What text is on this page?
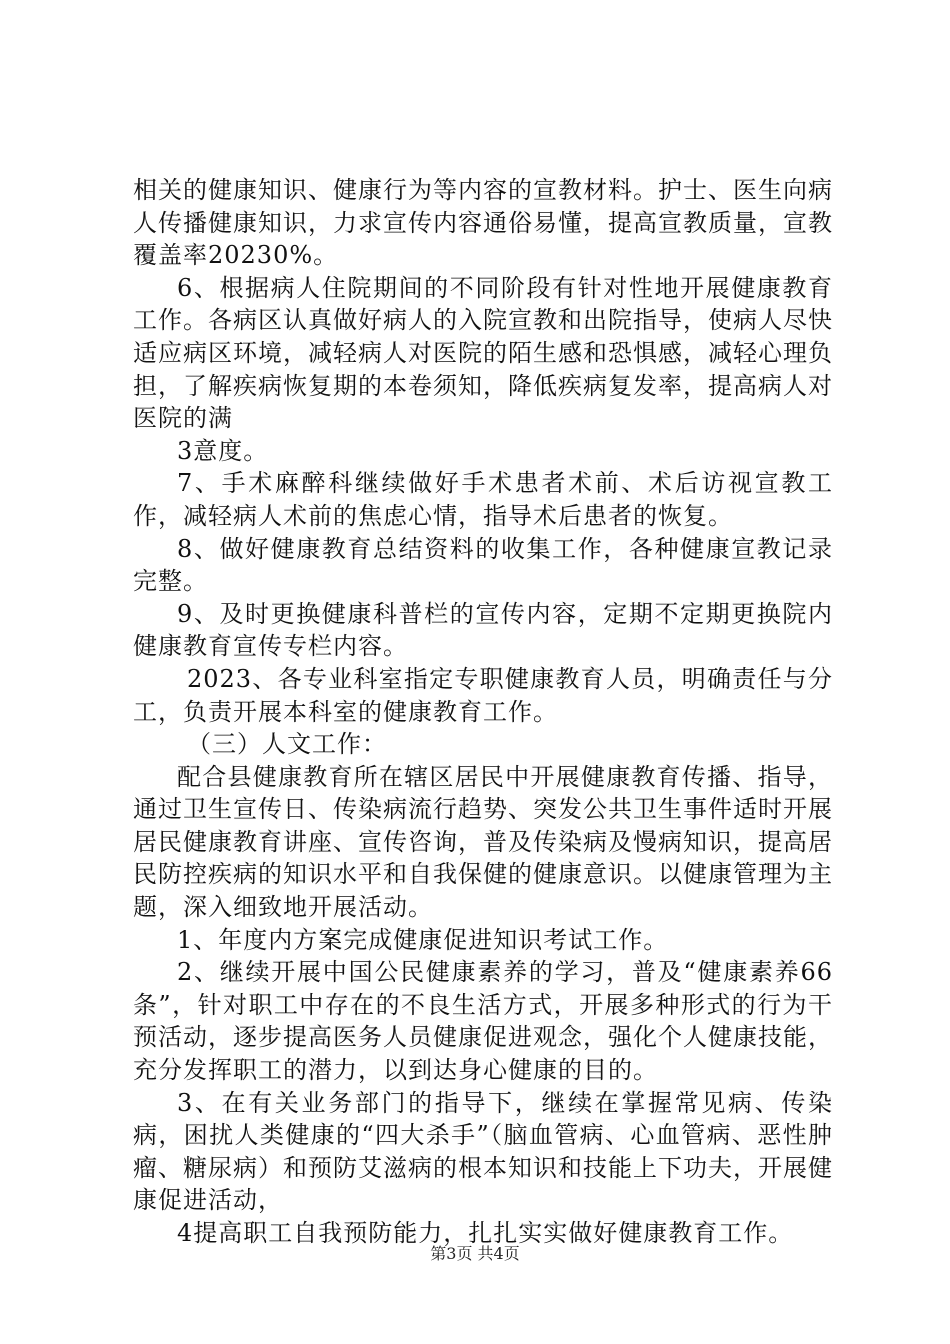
相关的健康知识、健康行为等内容的宣教材料。护士、医生向病人传播健康知识，力求宣传内容通俗易懂，提高宣教质量，宣教覆盖率20230%。

6、根据病人住院期间的不同阶段有针对性地开展健康教育工作。各病区认真做好病人的入院宣教和出院指导，使病人尽快适应病区环境，减轻病人对医院的陌生感和恐惧感，减轻心理负担，了解疾病恢复期的本卷须知，降低疾病复发率，提高病人对医院的满

3意度。

7、手术麻醉科继续做好手术患者术前、术后访视宣教工作，减轻病人术前的焦虑心情，指导术后患者的恢复。

8、做好健康教育总结资料的收集工作，各种健康宣教记录完整。

9、及时更换健康科普栏的宣传内容，定期不定期更换院内健康教育宣传专栏内容。

2023、各专业科室指定专职健康教育人员，明确责任与分工，负责开展本科室的健康教育工作。

（三）人文工作：

配合县健康教育所在辖区居民中开展健康教育传播、指导，通过卫生宣传日、传染病流行趋势、突发公共卫生事件适时开展居民健康教育讲座、宣传咨询，普及传染病及慢病知识，提高居民防控疾病的知识水平和自我保健的健康意识。以健康管理为主题，深入细致地开展活动。

1、年度内方案完成健康促进知识考试工作。

2、继续开展中国公民健康素养的学习，普及“健康素养66条”，针对职工中存在的不良生活方式，开展多种形式的行为干预活动，逐步提高医务人员健康促进观念，强化个人健康技能，充分发挥职工的潜力，以到达身心健康的目的。

3、在有关业务部门的指导下，继续在掌握常见病、传染病，困扰人类健康的“四大杀手”（脑血管病、心血管病、恶性肿瘤、糖尿病）和预防艾滋病的根本知识和技能上下功夫，开展健康促进活动，

4提高职工自我预防能力，扎扎实实做好健康教育工作。

第3页 共4页
